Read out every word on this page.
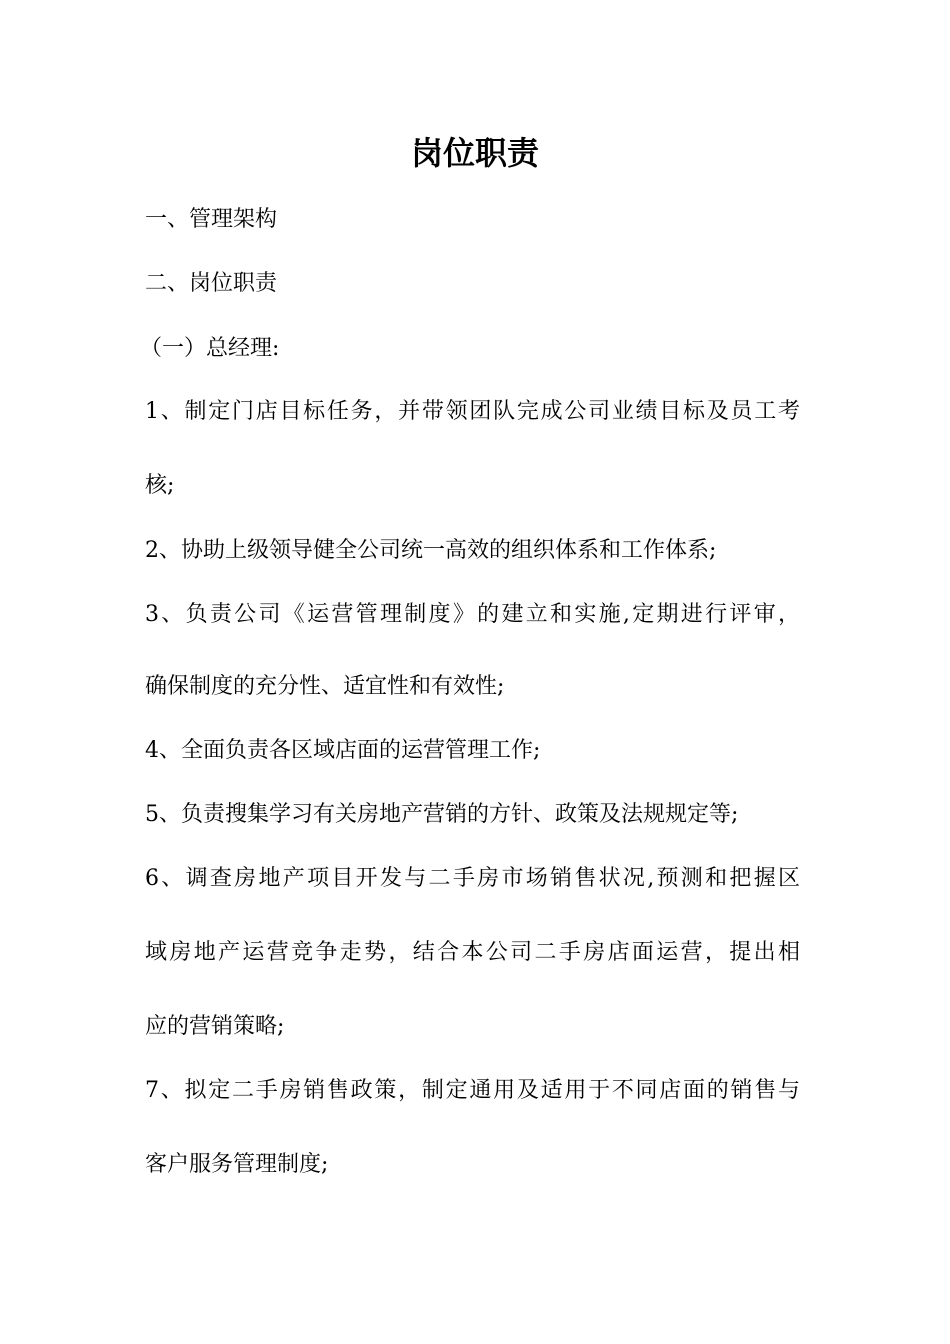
岗位职责
一、管理架构
二、岗位职责
（一）总经理:
1、制定门店目标任务，并带领团队完成公司业绩目标及员工考
核;
2、协助上级领导健全公司统一高效的组织体系和工作体系;
3、负责公司《运营管理制度》的建立和实施,定期进行评审，
确保制度的充分性、适宜性和有效性;
4、全面负责各区域店面的运营管理工作;
5、负责搜集学习有关房地产营销的方针、政策及法规规定等;
6、调查房地产项目开发与二手房市场销售状况,预测和把握区
域房地产运营竞争走势，结合本公司二手房店面运营，提出相
应的营销策略;
7、拟定二手房销售政策，制定通用及适用于不同店面的销售与
客户服务管理制度;
